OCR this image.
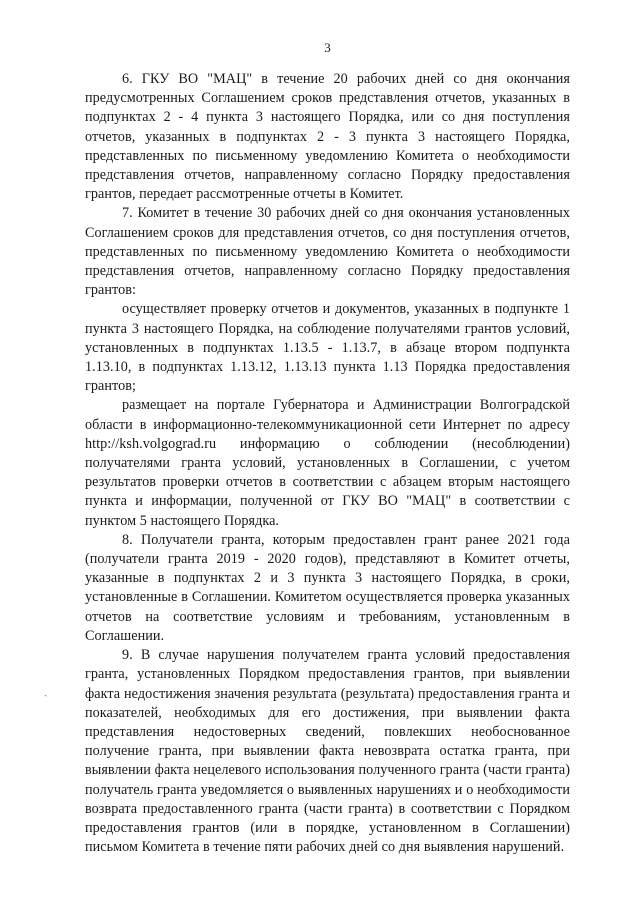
3

6. ГКУ ВО "МАЦ" в течение 20 рабочих дней со дня окончания предусмотренных Соглашением сроков представления отчетов, указанных в подпунктах 2 - 4 пункта 3 настоящего Порядка, или со дня поступления отчетов, указанных в подпунктах 2 - 3 пункта 3 настоящего Порядка, представленных по письменному уведомлению Комитета о необходимости представления отчетов, направленному согласно Порядку предоставления грантов, передает рассмотренные отчеты в Комитет.

7. Комитет в течение 30 рабочих дней со дня окончания установленных Соглашением сроков для представления отчетов, со дня поступления отчетов, представленных по письменному уведомлению Комитета о необходимости представления отчетов, направленному согласно Порядку предоставления грантов:

осуществляет проверку отчетов и документов, указанных в подпункте 1 пункта 3 настоящего Порядка, на соблюдение получателями грантов условий, установленных в подпунктах 1.13.5 - 1.13.7, в абзаце втором подпункта 1.13.10, в подпунктах 1.13.12, 1.13.13 пункта 1.13 Порядка предоставления грантов;

размещает на портале Губернатора и Администрации Волгоградской области в информационно-телекоммуникационной сети Интернет по адресу http://ksh.volgograd.ru информацию о соблюдении (несоблюдении) получателями гранта условий, установленных в Соглашении, с учетом результатов проверки отчетов в соответствии с абзацем вторым настоящего пункта и информации, полученной от ГКУ ВО "МАЦ" в соответствии с пунктом 5 настоящего Порядка.

8. Получатели гранта, которым предоставлен грант ранее 2021 года (получатели гранта 2019 - 2020 годов), представляют в Комитет отчеты, указанные в подпунктах 2 и 3 пункта 3 настоящего Порядка, в сроки, установленные в Соглашении. Комитетом осуществляется проверка указанных отчетов на соответствие условиям и требованиям, установленным в Соглашении.

9. В случае нарушения получателем гранта условий предоставления гранта, установленных Порядком предоставления грантов, при выявлении факта недостижения значения результата (результата) предоставления гранта и показателей, необходимых для его достижения, при выявлении факта представления недостоверных сведений, повлекших необоснованное получение гранта, при выявлении факта невозврата остатка гранта, при выявлении факта нецелевого использования полученного гранта (части гранта) получатель гранта уведомляется о выявленных нарушениях и о необходимости возврата предоставленного гранта (части гранта) в соответствии с Порядком предоставления грантов (или в порядке, установленном в Соглашении) письмом Комитета в течение пяти рабочих дней со дня выявления нарушений.

ˏ
